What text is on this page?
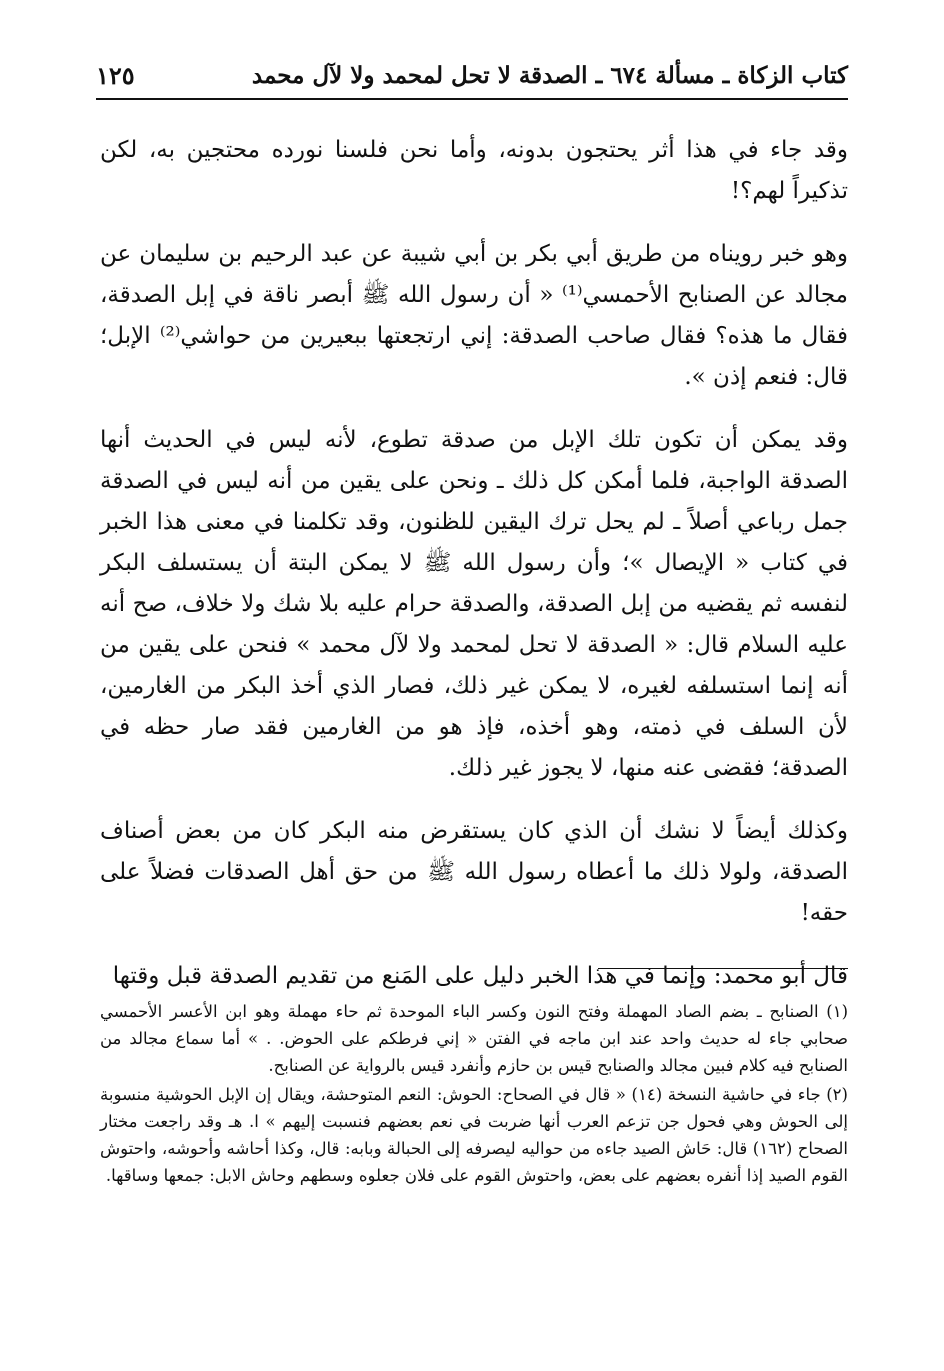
كتاب الزكاة ـ مسألة ٦٧٤ ـ الصدقة لا تحل لمحمد ولا لآل محمد
١٢٥

وقد جاء في هذا أثر يحتجون بدونه، وأما نحن فلسنا نورده محتجين به، لكن تذكيراً لهم؟!

وهو خبر رويناه من طريق أبي بكر بن أبي شيبة عن عبد الرحيم بن سليمان عن مجالد عن الصنابح الأحمسي⁽¹⁾ « أن رسول الله ﷺ أبصر ناقة في إبل الصدقة، فقال ما هذه؟ فقال صاحب الصدقة: إني ارتجعتها ببعيرين من حواشي⁽²⁾ الإبل؛ قال: فنعم إذن ».

وقد يمكن أن تكون تلك الإبل من صدقة تطوع، لأنه ليس في الحديث أنها الصدقة الواجبة، فلما أمكن كل ذلك ـ ونحن على يقين من أنه ليس في الصدقة جمل رباعي أصلاً ـ لم يحل ترك اليقين للظنون، وقد تكلمنا في معنى هذا الخبر في كتاب « الإيصال »؛ وأن رسول الله ﷺ لا يمكن البتة أن يستسلف البكر لنفسه ثم يقضيه من إبل الصدقة، والصدقة حرام عليه بلا شك ولا خلاف، صح أنه عليه السلام قال: « الصدقة لا تحل لمحمد ولا لآل محمد » فنحن على يقين من أنه إنما استسلفه لغيره، لا يمكن غير ذلك، فصار الذي أخذ البكر من الغارمين، لأن السلف في ذمته، وهو أخذه، فإذ هو من الغارمين فقد صار حظه في الصدقة؛ فقضى عنه منها، لا يجوز غير ذلك.

وكذلك أيضاً لا نشك أن الذي كان يستقرض منه البكر كان من بعض أصناف الصدقة، ولولا ذلك ما أعطاه رسول الله ﷺ من حق أهل الصدقات فضلاً على حقه!

قال أبو محمد: وإنما في هذا الخبر دليل على المَنع من تقديم الصدقة قبل وقتها

(١) الصنابح ـ بضم الصاد المهملة وفتح النون وكسر الباء الموحدة ثم حاء مهملة وهو ابن الأعسر الأحمسي صحابي جاء له حديث واحد عند ابن ماجه في الفتن « إني فرطكم على الحوض. . » أما سماع مجالد من الصنابح فيه كلام فبين مجالد والصنابح قيس بن حازم وأنفرد قيس بالرواية عن الصنابح.

(٢) جاء في حاشية النسخة (١٤) « قال في الصحاح: الحوش: النعم المتوحشة، ويقال إن الإبل الحوشية منسوبة إلى الحوش وهي فحول جن تزعم العرب أنها ضربت في نعم بعضهم فنسبت إليهم » ا. هـ وقد راجعت مختار الصحاح (١٦٢) قال: حَاش الصيد جاءه من حواليه ليصرفه إلى الحبالة وبابه: قال، وكذا أحاشه وأحوشه، واحتوش القوم الصيد إذا أنفره بعضهم على بعض، واحتوش القوم على فلان جعلوه وسطهم وحاش الابل: جمعها وساقها.
